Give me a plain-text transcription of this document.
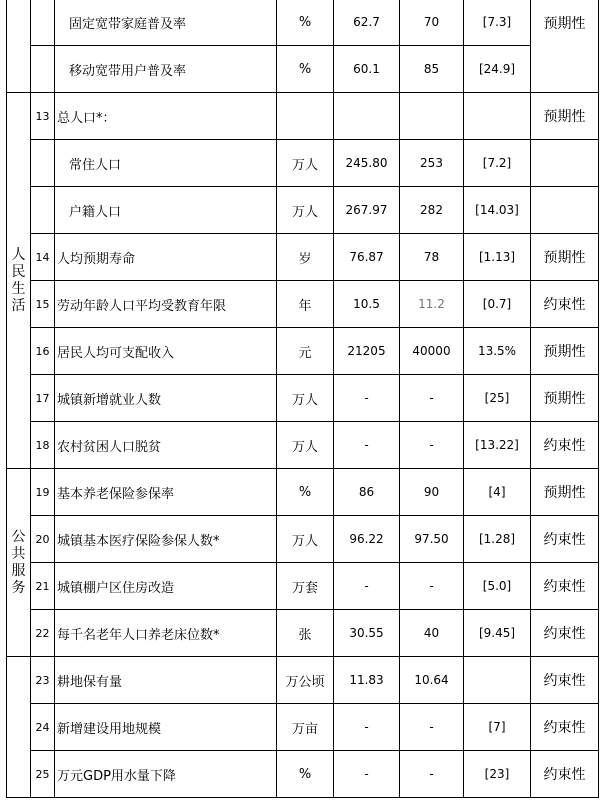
		固定宽带家庭普及率	%	62.7	70	[7.3]	预期性
		移动宽带用户普及率	%	60.1	85	[24.9]	

人
民
生
活	13	总人口*：					预期性
		常住人口	万人	245.80	253	[7.2]	
		户籍人口	万人	267.97	282	[14.03]	
	14	人均预期寿命	岁	76.87	78	[1.13]	预期性
	15	劳动年龄人口平均受教育年限	年	10.5	11.2	[0.7]	约束性
	16	居民人均可支配收入	元	21205	40000	13.5%	预期性
	17	城镇新增就业人数	万人	-	-	[25]	预期性
	18	农村贫困人口脱贫	万人	-	-	[13.22]	约束性

公
共
服
务	19	基本养老保险参保率	%	86	90	[4]	预期性
	20	城镇基本医疗保险参保人数*	万人	96.22	97.50	[1.28]	约束性
	21	城镇棚户区住房改造	万套	-	-	[5.0]	约束性
	22	每千名老年人口养老床位数*	张	30.55	40	[9.45]	约束性
	23	耕地保有量	万公顷	11.83	10.64		约束性
	24	新增建设用地规模	万亩	-	-	[7]	约束性
	25	万元GDP用水量下降	%	-	-	[23]	约束性
